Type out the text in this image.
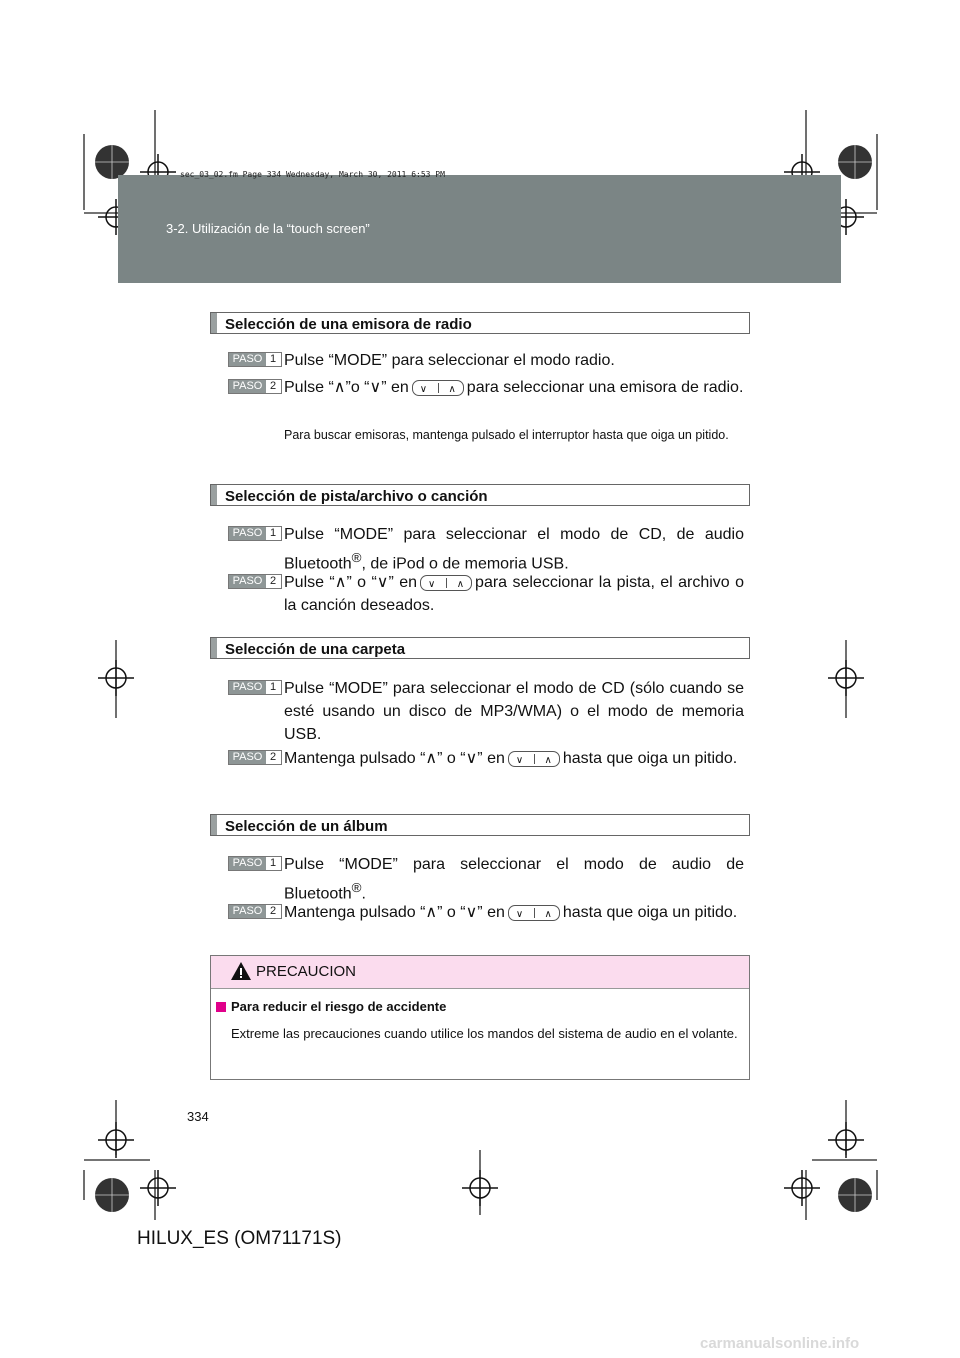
sec_03_02.fm Page 334 Wednesday, March 30, 2011 6:53 PM
3-2. Utilización de la “touch screen”
Selección de una emisora de radio
PASO 1 Pulse “MODE” para seleccionar el modo radio.
PASO 2 Pulse “∧”o “∨” en ∨ ∧ para seleccionar una emisora de radio.
Para buscar emisoras, mantenga pulsado el interruptor hasta que oiga un pitido.
Selección de pista/archivo o canción
PASO 1 Pulse “MODE” para seleccionar el modo de CD, de audio Bluetooth®, de iPod o de memoria USB.
PASO 2 Pulse “∧” o “∨” en ∨ ∧ para seleccionar la pista, el archivo o la canción deseados.
Selección de una carpeta
PASO 1 Pulse “MODE” para seleccionar el modo de CD (sólo cuando se esté usando un disco de MP3/WMA) o el modo de memoria USB.
PASO 2 Mantenga pulsado “∧” o “∨” en ∨ ∧ hasta que oiga un pitido.
Selección de un álbum
PASO 1 Pulse “MODE” para seleccionar el modo de audio de Bluetooth®.
PASO 2 Mantenga pulsado “∧” o “∨” en ∨ ∧ hasta que oiga un pitido.
PRECAUCION
Para reducir el riesgo de accidente
Extreme las precauciones cuando utilice los mandos del sistema de audio en el volante.
334
HILUX_ES (OM71171S)
carmanualsonline.info
